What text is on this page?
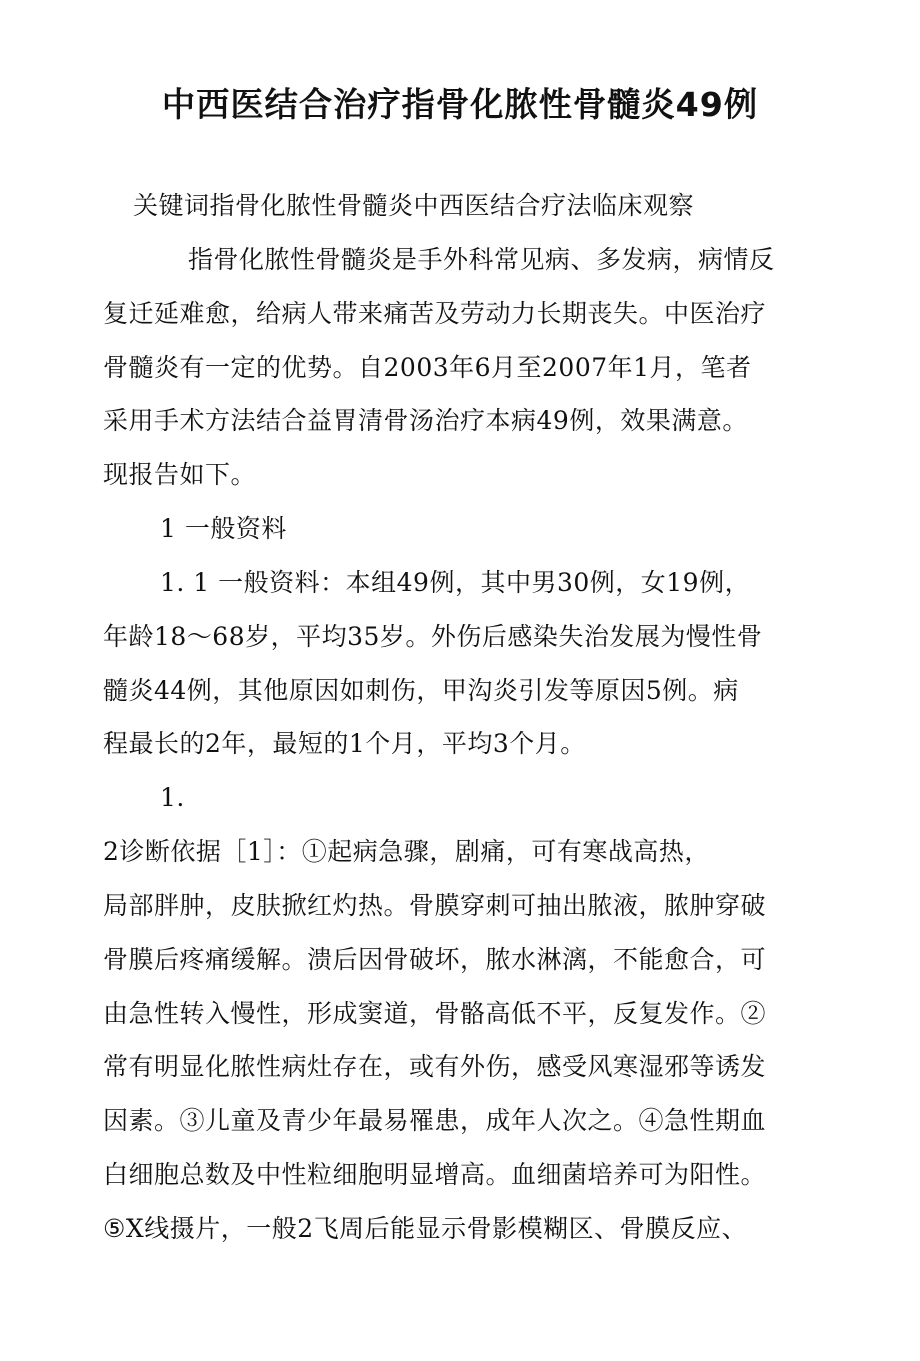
中西医结合治疗指骨化脓性骨髓炎49例
关键词指骨化脓性骨髓炎中西医结合疗法临床观察
指骨化脓性骨髓炎是手外科常见病、多发病，病情反
复迁延难愈，给病人带来痛苦及劳动力长期丧失。中医治疗
骨髓炎有一定的优势。自2003年6月至2007年1月，笔者
采用手术方法结合益胃清骨汤治疗本病49例，效果满意。
现报告如下。
1 一般资料
1. 1 一般资料：本组49例，其中男30例，女19例，
年龄18～68岁，平均35岁。外伤后感染失治发展为慢性骨
髓炎44例，其他原因如刺伤，甲沟炎引发等原因5例。病
程最长的2年，最短的1个月，平均3个月。
1.
2诊断依据［1］：①起病急骤，剧痛，可有寒战高热，
局部胖肿，皮肤掀红灼热。骨膜穿刺可抽出脓液，脓肿穿破
骨膜后疼痛缓解。溃后因骨破坏，脓水淋漓，不能愈合，可
由急性转入慢性，形成窦道，骨骼高低不平，反复发作。②
常有明显化脓性病灶存在，或有外伤，感受风寒湿邪等诱发
因素。③儿童及青少年最易罹患，成年人次之。④急性期血
白细胞总数及中性粒细胞明显增高。血细菌培养可为阳性。
⑤X线摄片，一般2飞周后能显示骨影模糊区、骨膜反应、
